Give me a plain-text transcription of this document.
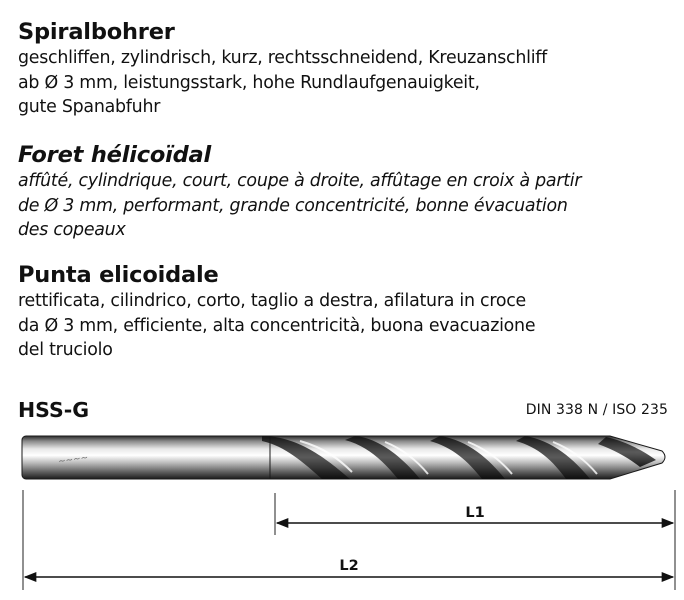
Spiralbohrer

geschliffen, zylindrisch, kurz, rechtsschneidend, Kreuzanschliff
ab Ø 3 mm, leistungsstark, hohe Rundlaufgenauigkeit,
gute Spanabfuhr

Foret hélicoïdal

affûté, cylindrique, court, coupe à droite, affûtage en croix à partir
de Ø 3 mm, performant, grande concentricité, bonne évacuation
des copeaux

Punta elicoidale

rettificata, cilindrico, corto, taglio a destra, afilatura in croce
da Ø 3 mm, efficiente, alta concentricità, buona evacuazione
del truciolo

HSS-G	DIN 338 N / ISO 235
~~~~
L1
L2
